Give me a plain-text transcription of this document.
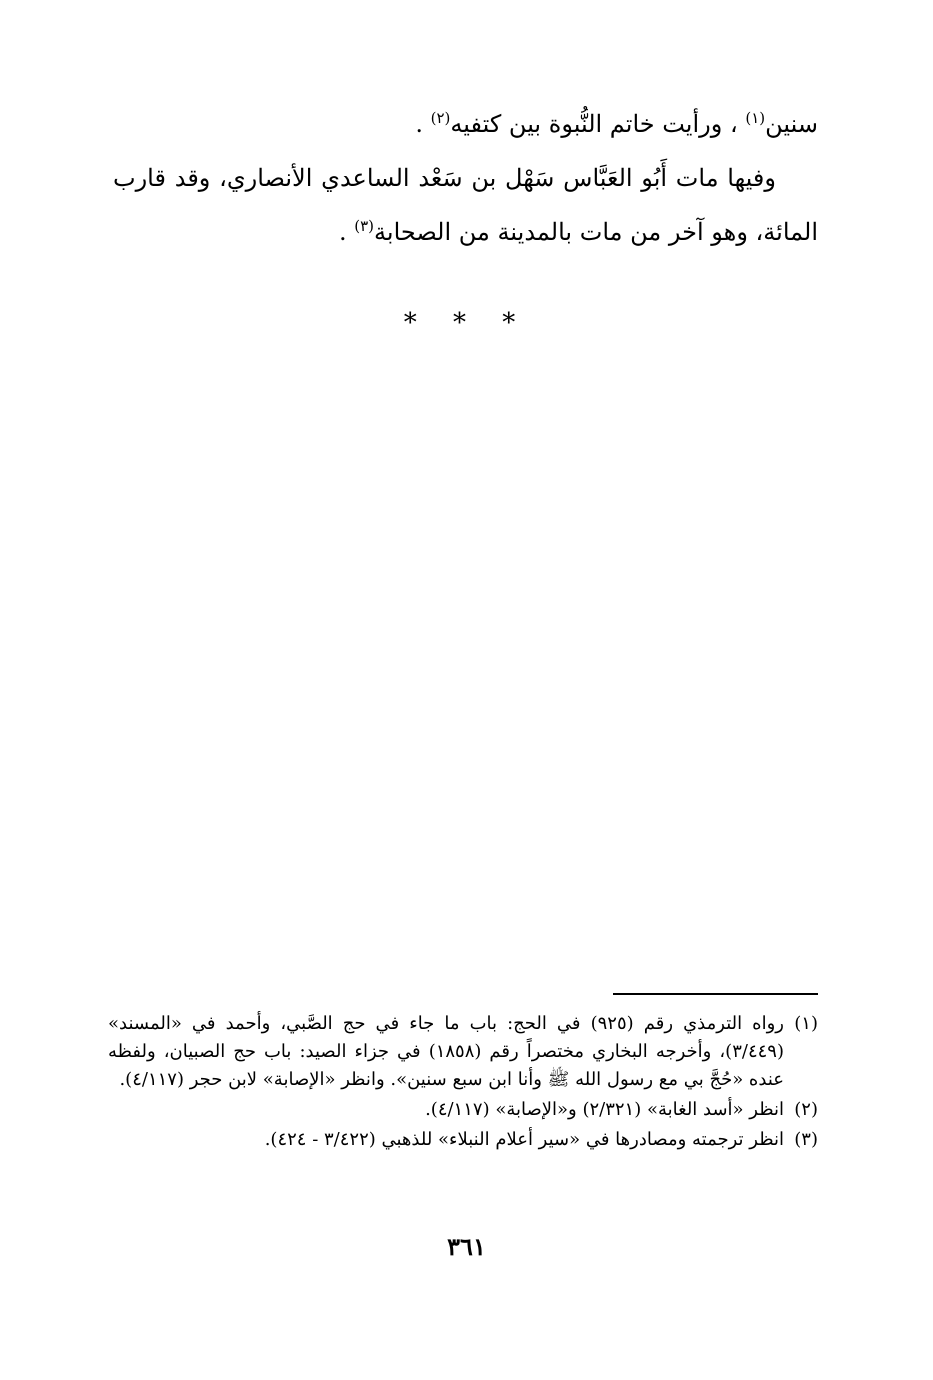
سنين$^{(١)}$ ، ورأيت خاتم النُّبوة بين كتفيه$^{(٢)}$ .

وفيها مات أَبُو العَبَّاس سَهْل بن سَعْد الساعدي الأنصاري، وقد قارب المائة، وهو آخر من مات بالمدينة من الصحابة$^{(٣)}$ .

* * *

(١)
رواه الترمذي رقم (٩٢٥) في الحج: باب ما جاء في حج الصَّبي، وأحمد في «المسند» (٣/٤٤٩)، وأخرجه البخاري مختصراً رقم (١٨٥٨) في جزاء الصيد: باب حج الصبيان، ولفظه عنده «حُجَّ بي مع رسول الله ﷺ وأنا ابن سبع سنين». وانظر «الإصابة» لابن حجر (٤/١١٧).

(٢)
انظر «أسد الغابة» (٢/٣٢١) و«الإصابة» (٤/١١٧).

(٣)
انظر ترجمته ومصادرها في «سير أعلام النبلاء» للذهبي (٣/٤٢٢ - ٤٢٤).

٣٦١
